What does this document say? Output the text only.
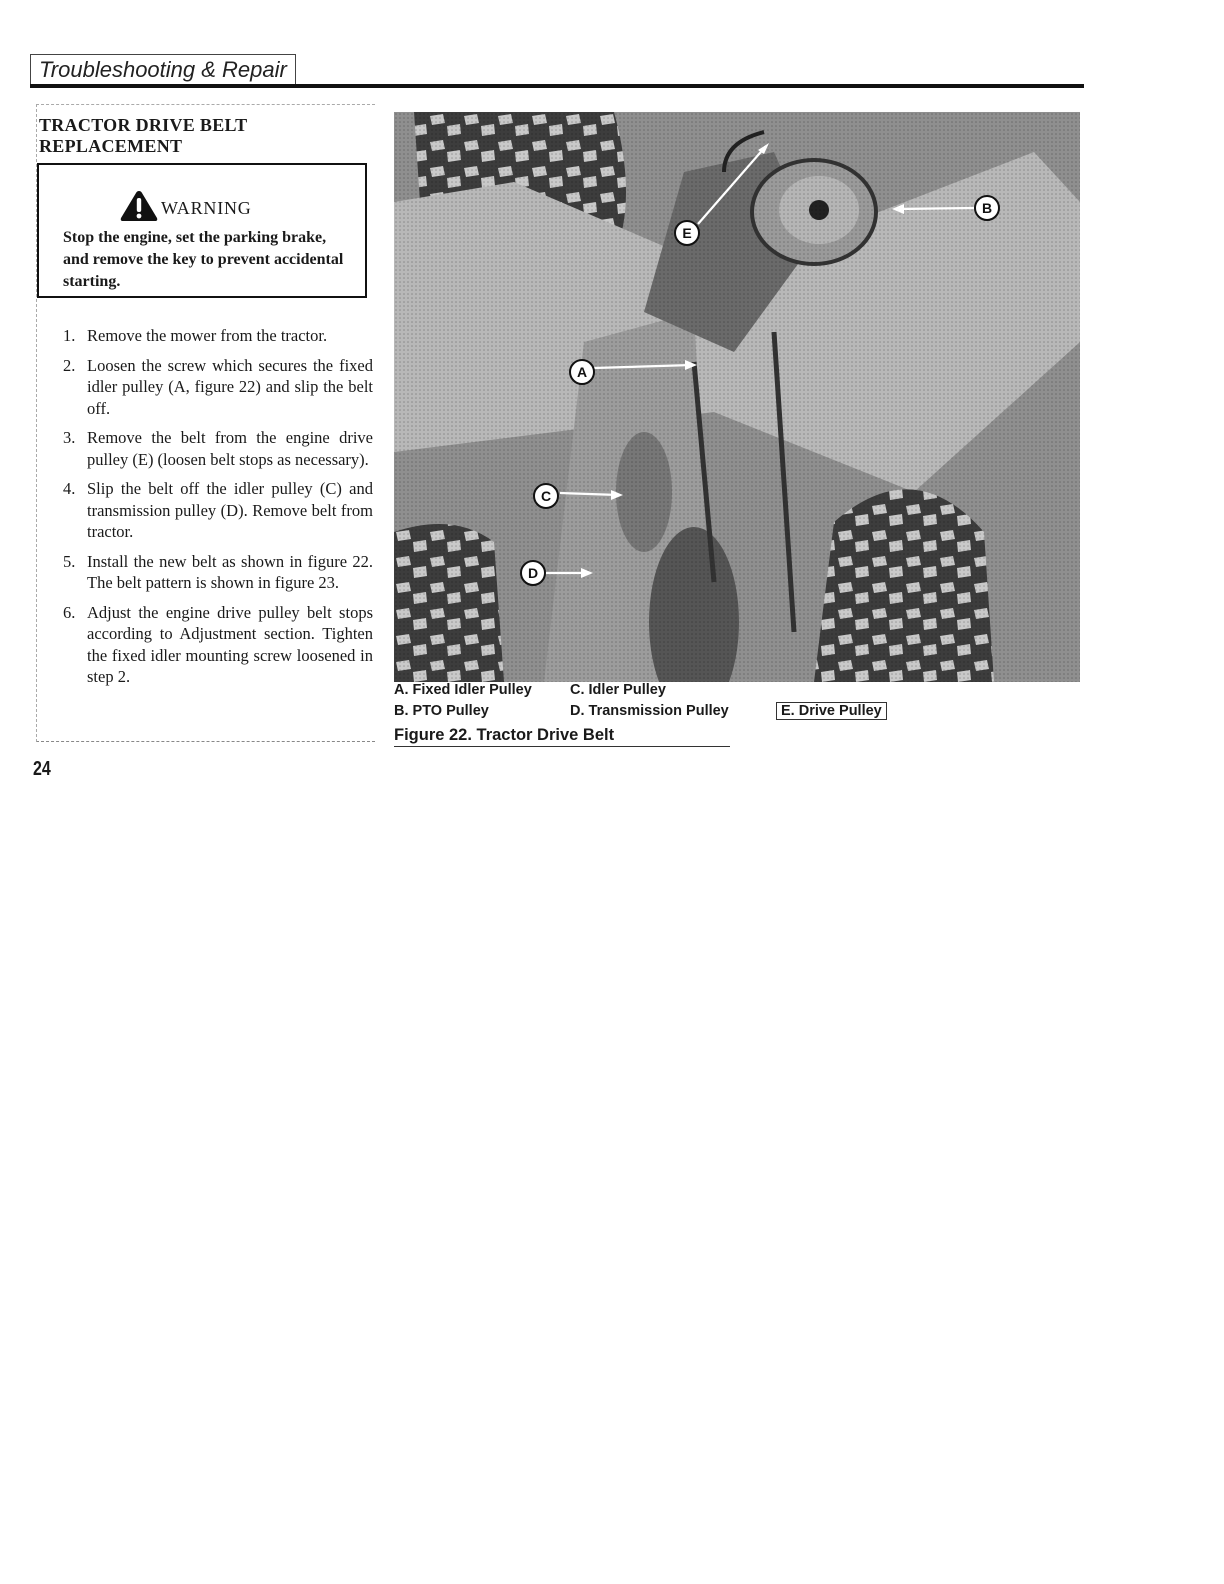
Troubleshooting & Repair
TRACTOR DRIVE BELT
REPLACEMENT
WARNING
Stop the engine, set the parking brake, and remove the key to prevent accidental starting.
1. Remove the mower from the tractor.
2. Loosen the screw which secures the fixed idler pulley (A, figure 22) and slip the belt off.
3. Remove the belt from the engine drive pulley (E) (loosen belt stops as necessary).
4. Slip the belt off the idler pulley (C) and transmission pulley (D). Remove belt from tractor.
5. Install the new belt as shown in figure 22. The belt pattern is shown in figure 23.
6. Adjust the engine drive pulley belt stops according to Adjustment section. Tighten the fixed idler mounting screw loosened in step 2.
E
B
A
C
D
A. Fixed Idler Pulley
B. PTO Pulley
C. Idler Pulley
D. Transmission Pulley	E. Drive Pulley
Figure 22. Tractor Drive Belt
24
